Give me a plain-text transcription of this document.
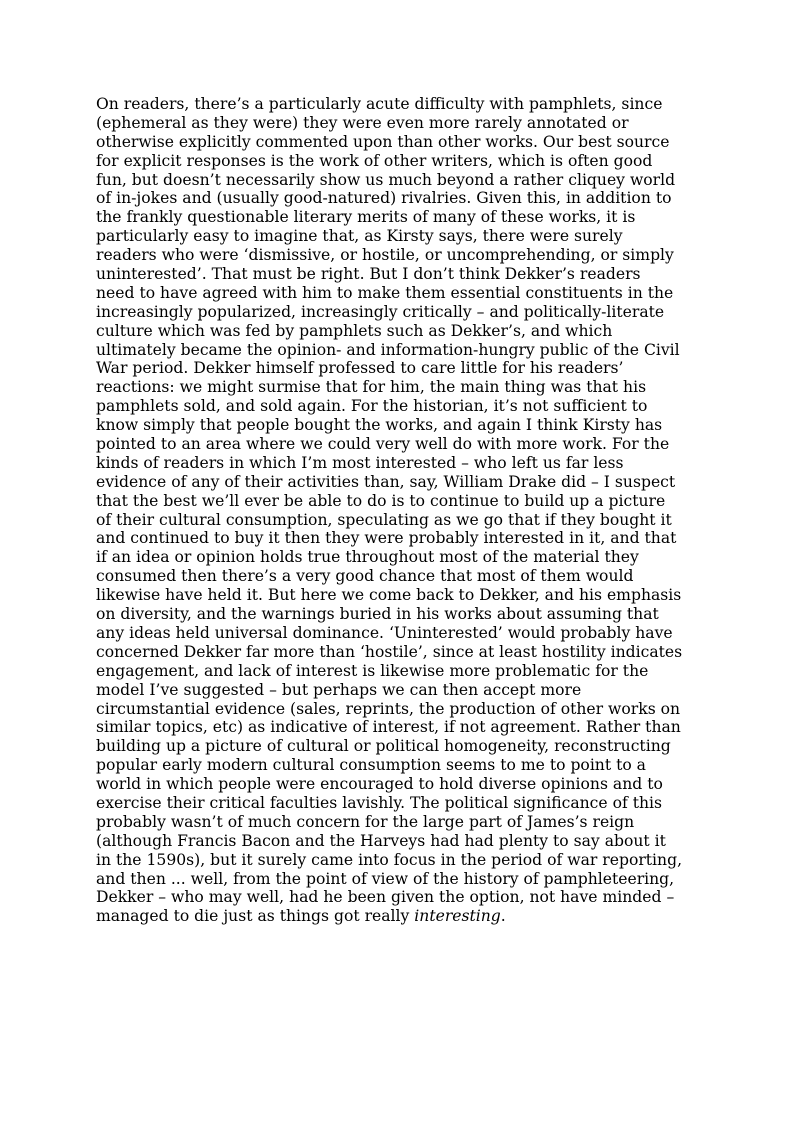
On readers, there’s a particularly acute difficulty with pamphlets, since
(ephemeral as they were) they were even more rarely annotated or
otherwise explicitly commented upon than other works. Our best source
for explicit responses is the work of other writers, which is often good
fun, but doesn’t necessarily show us much beyond a rather cliquey world
of in-jokes and (usually good-natured) rivalries. Given this, in addition to
the frankly questionable literary merits of many of these works, it is
particularly easy to imagine that, as Kirsty says, there were surely
readers who were ‘dismissive, or hostile, or uncomprehending, or simply
uninterested’. That must be right. But I don’t think Dekker’s readers
need to have agreed with him to make them essential constituents in the
increasingly popularized, increasingly critically – and politically-literate
culture which was fed by pamphlets such as Dekker’s, and which
ultimately became the opinion- and information-hungry public of the Civil
War period. Dekker himself professed to care little for his readers’
reactions: we might surmise that for him, the main thing was that his
pamphlets sold, and sold again. For the historian, it’s not sufficient to
know simply that people bought the works, and again I think Kirsty has
pointed to an area where we could very well do with more work. For the
kinds of readers in which I’m most interested – who left us far less
evidence of any of their activities than, say, William Drake did – I suspect
that the best we’ll ever be able to do is to continue to build up a picture
of their cultural consumption, speculating as we go that if they bought it
and continued to buy it then they were probably interested in it, and that
if an idea or opinion holds true throughout most of the material they
consumed then there’s a very good chance that most of them would
likewise have held it. But here we come back to Dekker, and his emphasis
on diversity, and the warnings buried in his works about assuming that
any ideas held universal dominance. ‘Uninterested’ would probably have
concerned Dekker far more than ‘hostile’, since at least hostility indicates
engagement, and lack of interest is likewise more problematic for the
model I’ve suggested – but perhaps we can then accept more
circumstantial evidence (sales, reprints, the production of other works on
similar topics, etc) as indicative of interest, if not agreement. Rather than
building up a picture of cultural or political homogeneity, reconstructing
popular early modern cultural consumption seems to me to point to a
world in which people were encouraged to hold diverse opinions and to
exercise their critical faculties lavishly. The political significance of this
probably wasn’t of much concern for the large part of James’s reign
(although Francis Bacon and the Harveys had had plenty to say about it
in the 1590s), but it surely came into focus in the period of war reporting,
and then ... well, from the point of view of the history of pamphleteering,
Dekker – who may well, had he been given the option, not have minded –
managed to die just as things got really interesting.
